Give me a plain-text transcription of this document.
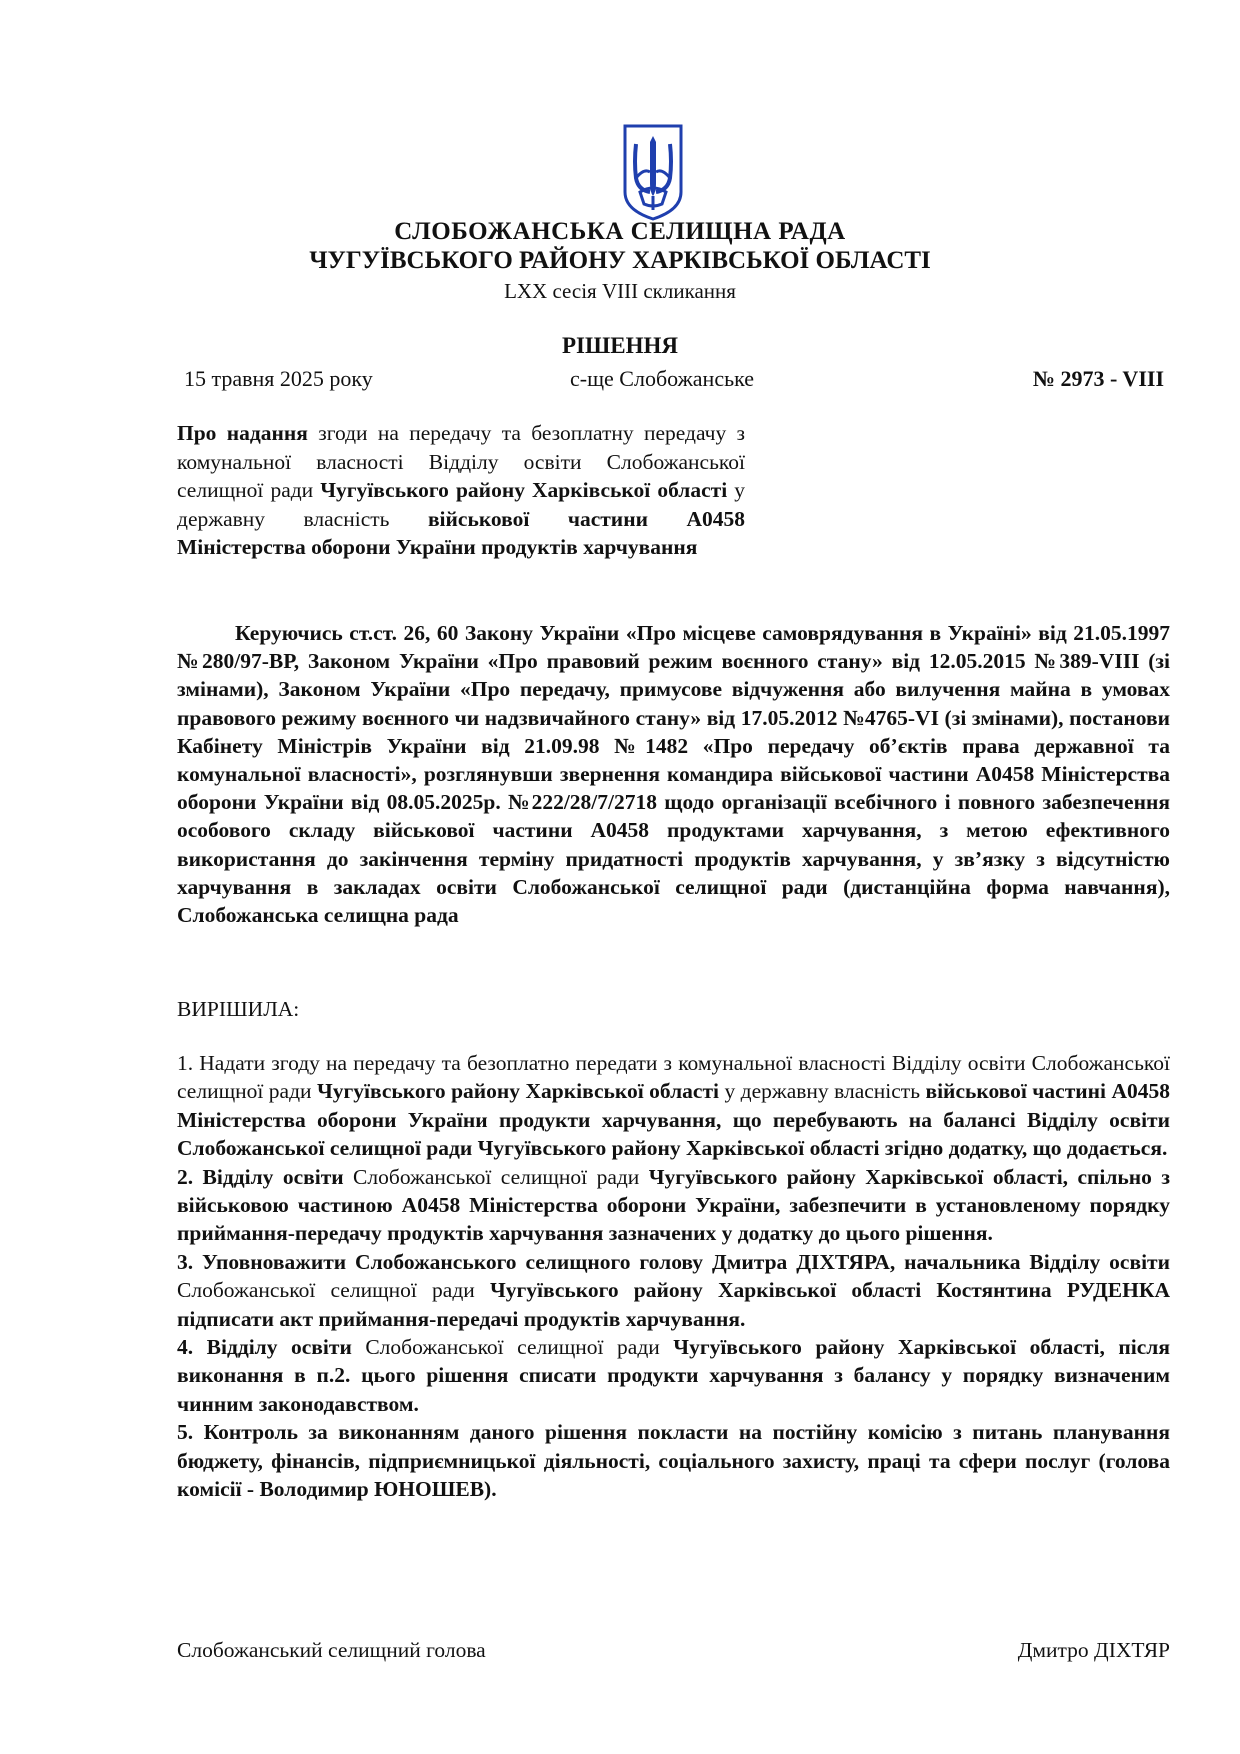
СЛОБОЖАНСЬКА СЕЛИЩНА РАДА
ЧУГУЇВСЬКОГО РАЙОНУ ХАРКІВСЬКОЇ ОБЛАСТІ
LXX сесія VIII скликання
РІШЕННЯ
15 травня 2025 року	с-ще Слобожанське	№ 2973 - VIII
Про надання згоди на передачу та безоплатну передачу з комунальної власності Відділу освіти Слобожанської селищної ради Чугуївського району Харківської області у державну власність військової частини А0458 Міністерства оборони України продуктів харчування
Керуючись ст.ст. 26, 60 Закону України «Про місцеве самоврядування в Україні» від 21.05.1997 №280/97-ВР, Законом України «Про правовий режим воєнного стану» від 12.05.2015 №389-VIII (зі змінами), Законом України «Про передачу, примусове відчуження або вилучення майна в умовах правового режиму воєнного чи надзвичайного стану» від 17.05.2012 №4765-VI (зі змінами), постанови Кабінету Міністрів України від 21.09.98 №1482 «Про передачу об’єктів права державної та комунальної власності», розглянувши звернення командира військової частини А0458 Міністерства оборони України від 08.05.2025р. №222/28/7/2718 щодо організації всебічного і повного забезпечення особового складу військової частини А0458 продуктами харчування, з метою ефективного використання до закінчення терміну придатності продуктів харчування, у зв’язку з відсутністю харчування в закладах освіти Слобожанської селищної ради (дистанційна форма навчання), Слобожанська селищна рада
ВИРІШИЛА:

1. Надати згоду на передачу та безоплатно передати з комунальної власності Відділу освіти Слобожанської селищної ради Чугуївського району Харківської області у державну власність військової частині А0458 Міністерства оборони України продукти харчування, що перебувають на балансі Відділу освіти Слобожанської селищної ради Чугуївського району Харківської області згідно додатку, що додається.

2. Відділу освіти Слобожанської селищної ради Чугуївського району Харківської області, спільно з військовою частиною А0458 Міністерства оборони України, забезпечити в установленому порядку приймання-передачу продуктів харчування зазначених у додатку до цього рішення.

3. Уповноважити Слобожанського селищного голову Дмитра ДІХТЯРА, начальника Відділу освіти Слобожанської селищної ради Чугуївського району Харківської області Костянтина РУДЕНКА підписати акт приймання-передачі продуктів харчування.

4. Відділу освіти Слобожанської селищної ради Чугуївського району Харківської області, після виконання в п.2. цього рішення списати продукти харчування з балансу у порядку визначеним чинним законодавством.

5. Контроль за виконанням даного рішення покласти на постійну комісію з питань планування бюджету, фінансів, підприємницької діяльності, соціального захисту, праці та сфери послуг (голова комісії - Володимир ЮНОШЕВ).

Слобожанський селищний голова	Дмитро ДІХТЯР
